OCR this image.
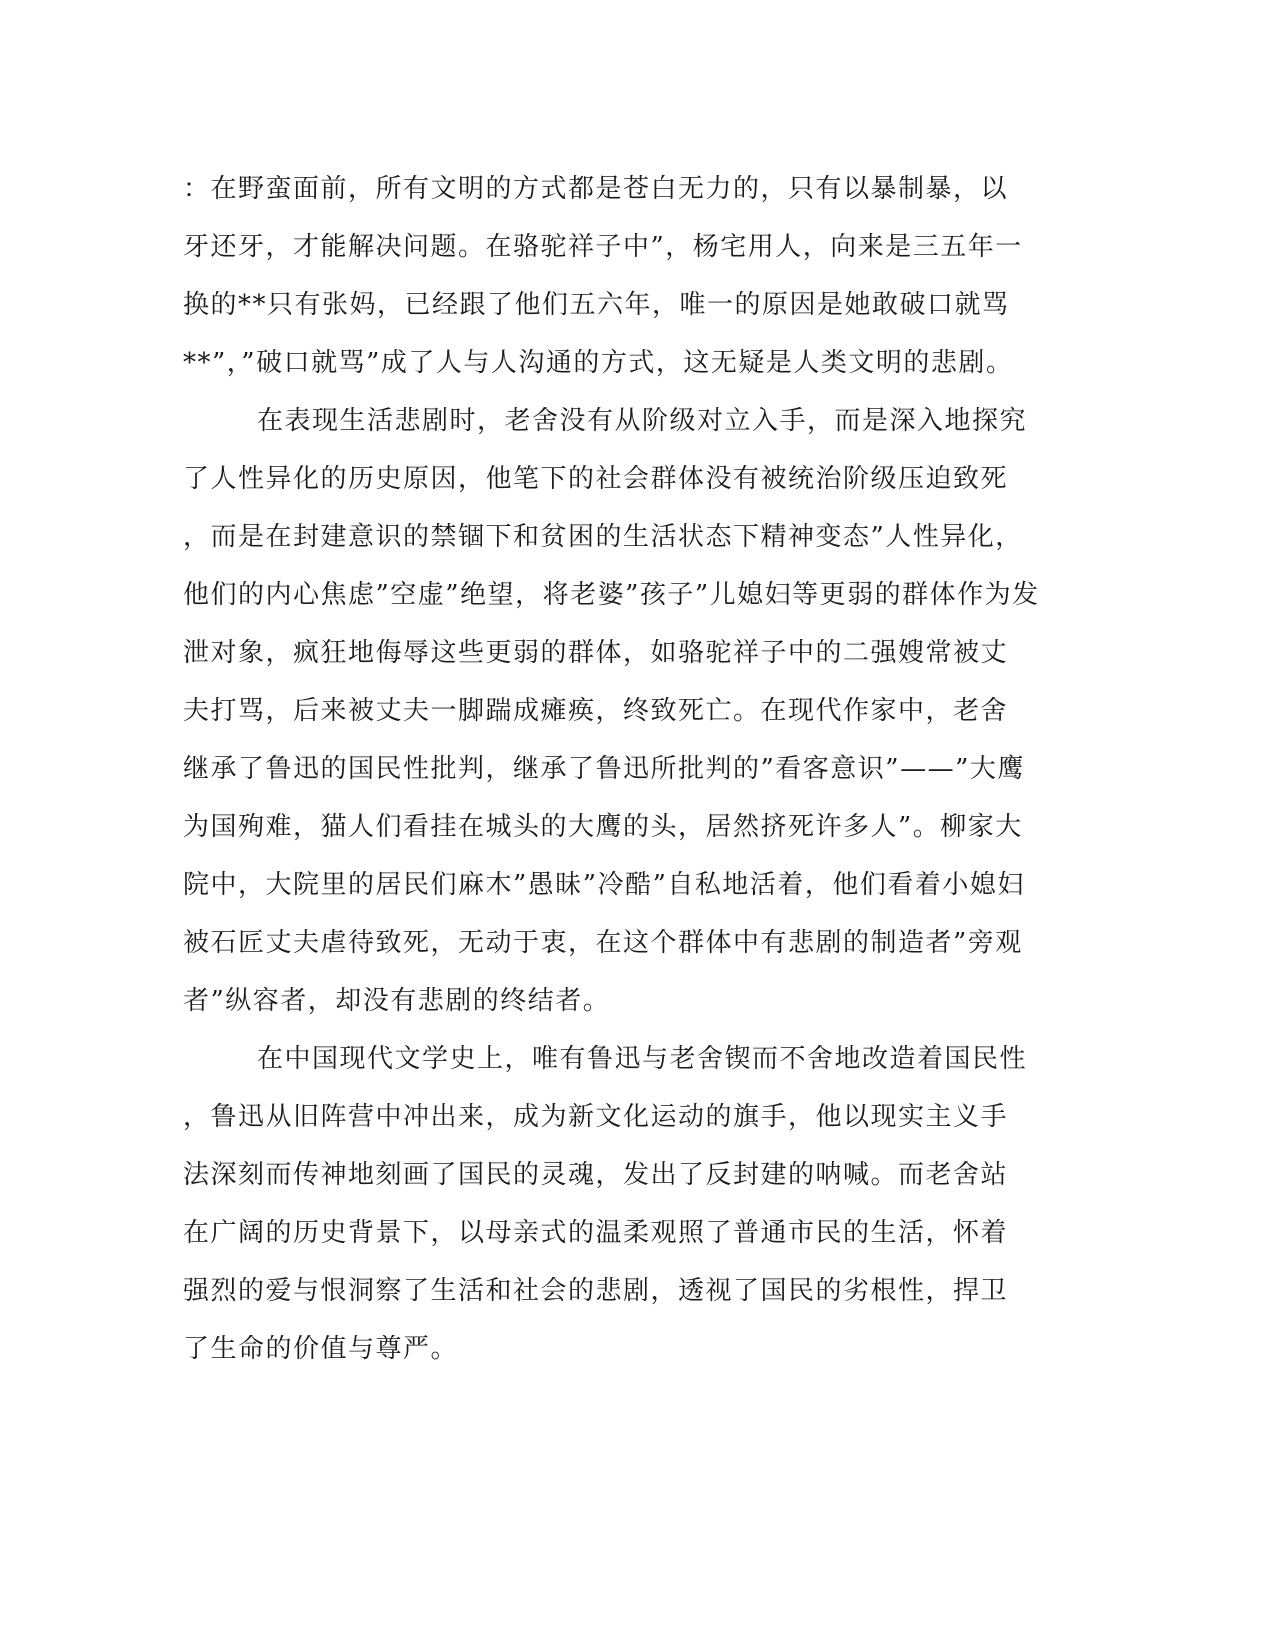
：在野蛮面前，所有文明的方式都是苍白无力的，只有以暴制暴，以
牙还牙，才能解决问题。在骆驼祥子中”，杨宅用人，向来是三五年一
换的**只有张妈，已经跟了他们五六年，唯一的原因是她敢破口就骂
**”，”破口就骂”成了人与人沟通的方式，这无疑是人类文明的悲剧。
在表现生活悲剧时，老舍没有从阶级对立入手，而是深入地探究
了人性异化的历史原因，他笔下的社会群体没有被统治阶级压迫致死
，而是在封建意识的禁锢下和贫困的生活状态下精神变态”人性异化，
他们的内心焦虑”空虚”绝望，将老婆”孩子”儿媳妇等更弱的群体作为发
泄对象，疯狂地侮辱这些更弱的群体，如骆驼祥子中的二强嫂常被丈
夫打骂，后来被丈夫一脚踹成瘫痪，终致死亡。在现代作家中，老舍
继承了鲁迅的国民性批判，继承了鲁迅所批判的”看客意识”——”大鹰
为国殉难，猫人们看挂在城头的大鹰的头，居然挤死许多人”。柳家大
院中，大院里的居民们麻木”愚昧”冷酷”自私地活着，他们看着小媳妇
被石匠丈夫虐待致死，无动于衷，在这个群体中有悲剧的制造者”旁观
者”纵容者，却没有悲剧的终结者。
在中国现代文学史上，唯有鲁迅与老舍锲而不舍地改造着国民性
，鲁迅从旧阵营中冲出来，成为新文化运动的旗手，他以现实主义手
法深刻而传神地刻画了国民的灵魂，发出了反封建的呐喊。而老舍站
在广阔的历史背景下，以母亲式的温柔观照了普通市民的生活，怀着
强烈的爱与恨洞察了生活和社会的悲剧，透视了国民的劣根性，捍卫
了生命的价值与尊严。
